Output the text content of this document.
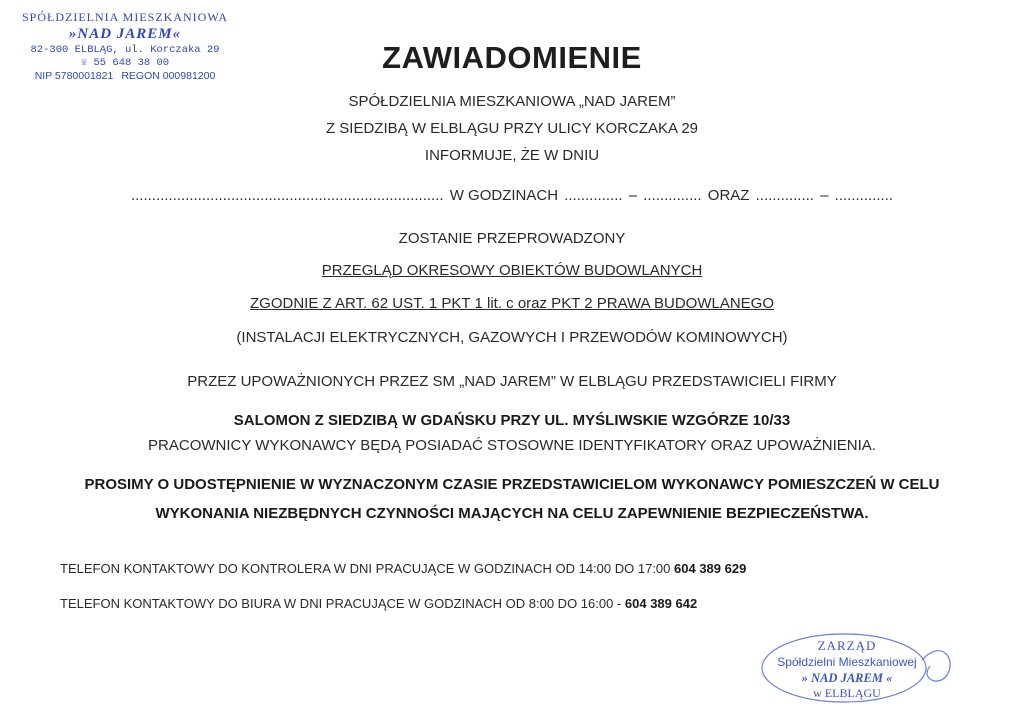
SPÓŁDZIELNIA MIESZKANIOWA
»NAD JAREM«
82-300 ELBLĄG, ul. Korczaka 29
☏ 55 648 38 00
NIP 5780001821 REGON 000981200
ZAWIADOMIENIE
SPÓŁDZIELNIA MIESZKANIOWA „NAD JAREM”
Z SIEDZIBĄ W ELBLĄGU PRZY ULICY KORCZAKA 29
INFORMUJE, ŻE W DNIU
........................................................................... W GODZINACH .............. – .............. ORAZ .............. – ..............
ZOSTANIE PRZEPROWADZONY
PRZEGLĄD OKRESOWY OBIEKTÓW BUDOWLANYCH
ZGODNIE Z ART. 62 UST. 1 PKT 1 lit. c oraz PKT 2 PRAWA BUDOWLANEGO
(INSTALACJI ELEKTRYCZNYCH, GAZOWYCH I PRZEWODÓW KOMINOWYCH)
PRZEZ UPOWAŻNIONYCH PRZEZ SM „NAD JAREM” W ELBLĄGU PRZEDSTAWICIELI FIRMY
SALOMON Z SIEDZIBĄ W GDAŃSKU PRZY UL. MYŚLIWSKIE WZGÓRZE 10/33
PRACOWNICY WYKONAWCY BĘDĄ POSIADAĆ STOSOWNE IDENTYFIKATORY ORAZ UPOWAŻNIENIA.
PROSIMY O UDOSTĘPNIENIE W WYZNACZONYM CZASIE PRZEDSTAWICIELOM WYKONAWCY POMIESZCZEŃ W CELU
WYKONANIA NIEZBĘDNYCH CZYNNOŚCI MAJĄCYCH NA CELU ZAPEWNIENIE BEZPIECZEŃSTWA.
TELEFON KONTAKTOWY DO KONTROLERA W DNI PRACUJĄCE W GODZINACH OD 14:00 DO 17:00 604 389 629
TELEFON KONTAKTOWY DO BIURA W DNI PRACUJĄCE W GODZINACH OD 8:00 DO 16:00 - 604 389 642
ZARZĄD
Spółdzielni Mieszkaniowej
» NAD JAREM «
w ELBLĄGU
